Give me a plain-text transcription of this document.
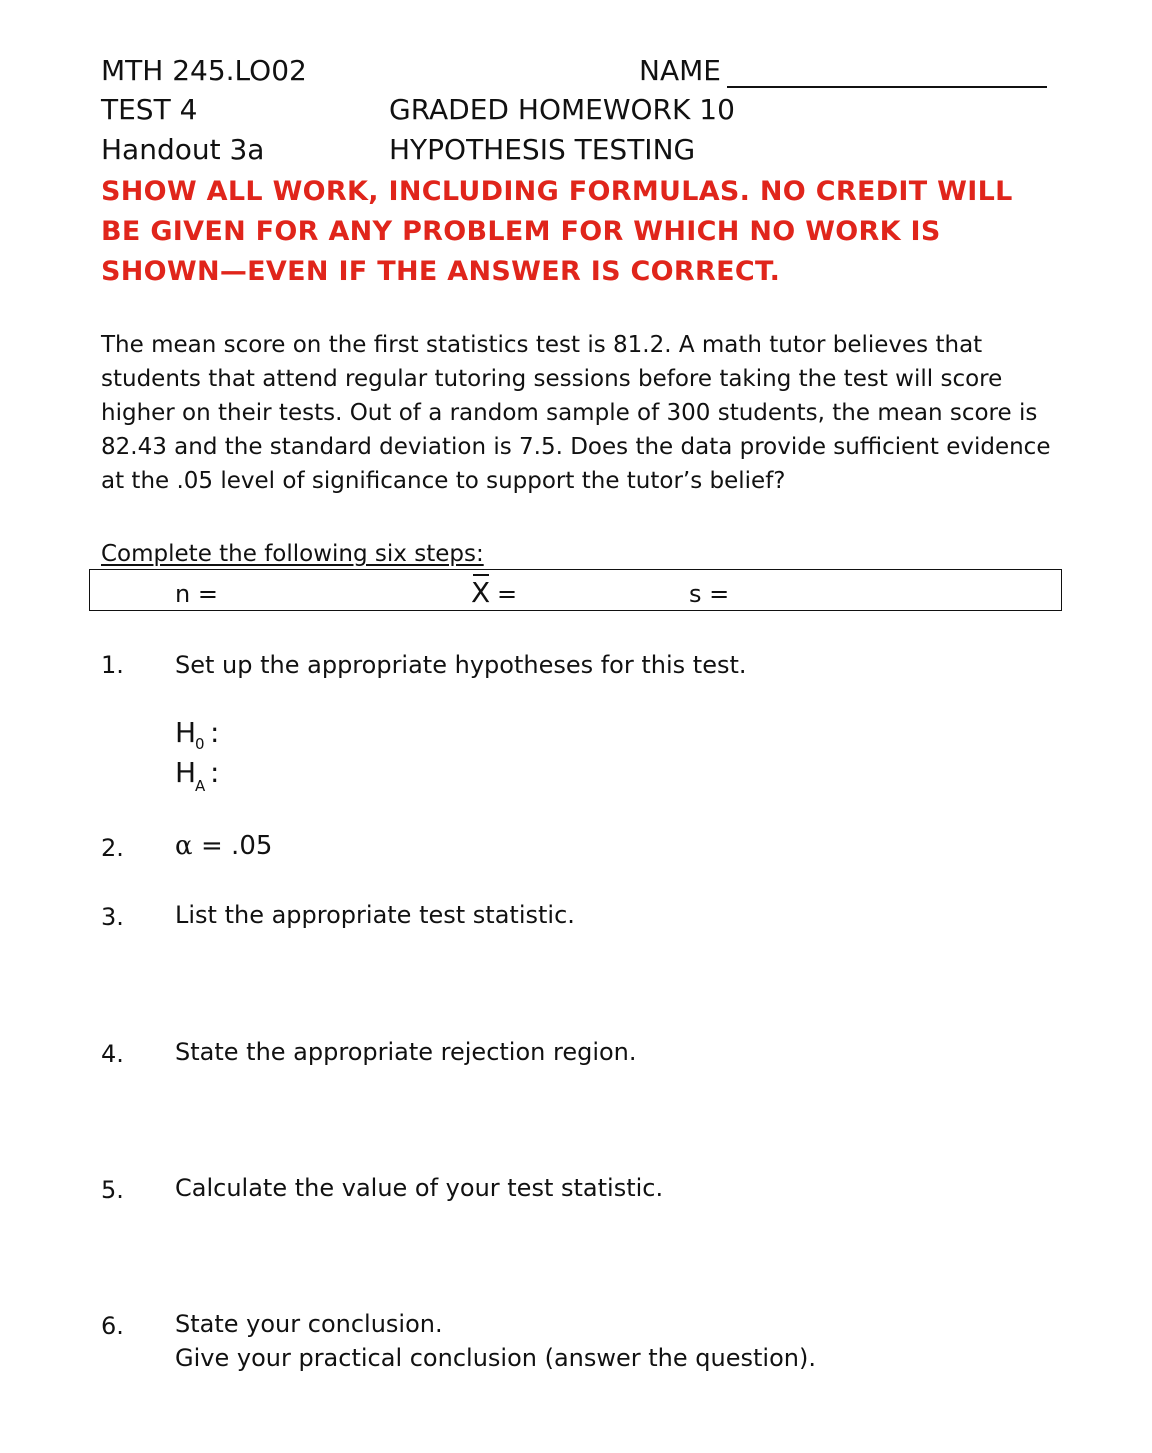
MTH 245.LO02	NAME
TEST 4	GRADED HOMEWORK 10
Handout 3a	HYPOTHESIS TESTING
SHOW ALL WORK, INCLUDING FORMULAS. NO CREDIT WILL BE GIVEN FOR ANY PROBLEM FOR WHICH NO WORK IS SHOWN—EVEN IF THE ANSWER IS CORRECT.

The mean score on the first statistics test is 81.2. A math tutor believes that students that attend regular tutoring sessions before taking the test will score higher on their tests. Out of a random sample of 300 students, the mean score is 82.43 and the standard deviation is 7.5. Does the data provide sufficient evidence at the .05 level of significance to support the tutor’s belief?

Complete the following six steps:
n =	X =	s =
1. Set up the appropriate hypotheses for this test.
H
0 :
H
A :
2. α = .05
3. List the appropriate test statistic.
4. State the appropriate rejection region.
5. Calculate the value of your test statistic.
6. State your conclusion.
Give your practical conclusion (answer the question).
